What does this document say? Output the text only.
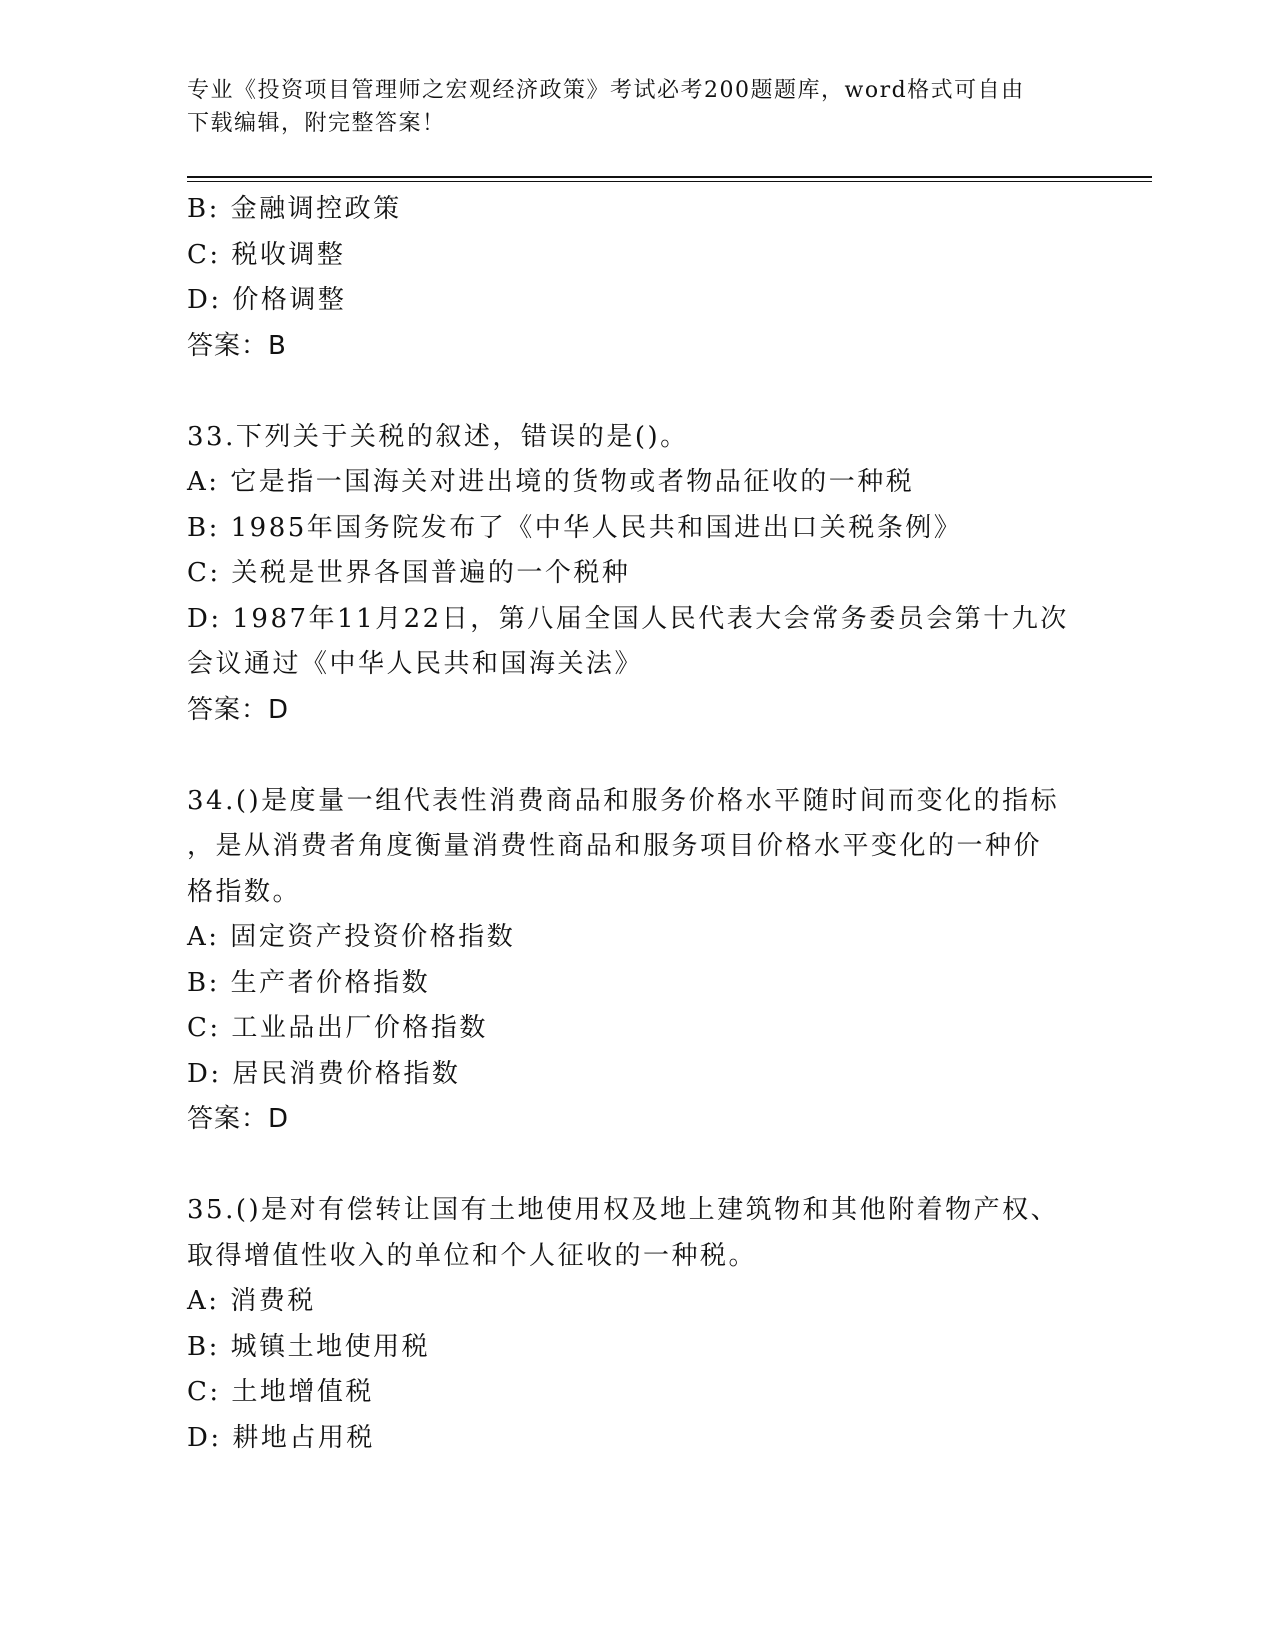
专业《投资项目管理师之宏观经济政策》考试必考200题题库，word格式可自由
下载编辑，附完整答案！
B: 金融调控政策
C: 税收调整
D: 价格调整
答案：B
33.下列关于关税的叙述，错误的是()。
A: 它是指一国海关对进出境的货物或者物品征收的一种税
B: 1985年国务院发布了《中华人民共和国进出口关税条例》
C: 关税是世界各国普遍的一个税种
D: 1987年11月22日，第八届全国人民代表大会常务委员会第十九次
会议通过《中华人民共和国海关法》
答案：D
34.()是度量一组代表性消费商品和服务价格水平随时间而变化的指标
，是从消费者角度衡量消费性商品和服务项目价格水平变化的一种价
格指数。
A: 固定资产投资价格指数
B: 生产者价格指数
C: 工业品出厂价格指数
D: 居民消费价格指数
答案：D
35.()是对有偿转让国有土地使用权及地上建筑物和其他附着物产权、
取得增值性收入的单位和个人征收的一种税。
A: 消费税
B: 城镇土地使用税
C: 土地增值税
D: 耕地占用税
